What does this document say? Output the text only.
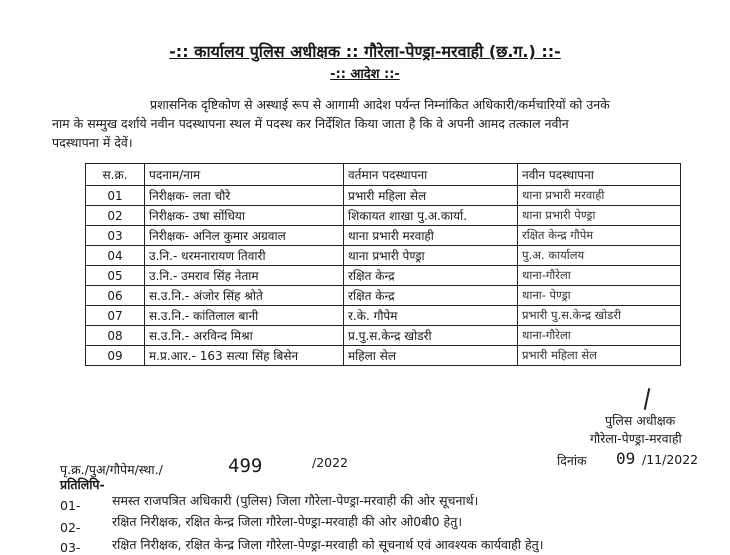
-:: कार्यालय पुलिस अधीक्षक :: गौरेला-पेण्ड्रा-मरवाही (छ.ग.) ::-
-:: आदेश ::-
प्रशासनिक दृष्टिकोण से अस्थाई रूप से आगामी आदेश पर्यन्त निम्नांकित अधिकारी/कर्मचारियों को उनके
नाम के सम्मुख दर्शाये नवीन पदस्थापना स्थल में पदस्थ कर निर्देशित किया जाता है कि वे अपनी आमद तत्काल नवीन
पदस्थापना में देवें।
स.क्र.	पदनाम/नाम	वर्तमान पदस्थापना	नवीन पदस्थापना
01	निरीक्षक- लता चौरे	प्रभारी महिला सेल	थाना प्रभारी मरवाही
02	निरीक्षक- उषा सोंधिया	शिकायत शाखा पु.अ.कार्या.	थाना प्रभारी पेण्ड्रा
03	निरीक्षक- अनिल कुमार अग्रवाल	थाना प्रभारी मरवाही	रक्षित केन्द्र गौपेम
04	उ.नि.- धरमनारायण तिवारी	थाना प्रभारी पेण्ड्रा	पु.अ. कार्यालय
05	उ.नि.- उमराव सिंह नेताम	रक्षित केन्द्र	थाना-गौरेला
06	स.उ.नि.- अंजोर सिंह श्रोते	रक्षित केन्द्र	थाना- पेण्ड्रा
07	स.उ.नि.- कांतिलाल बानी	र.के. गौपेम	प्रभारी पु.स.केन्द्र खोडरी
08	स.उ.नि.- अरविन्द मिश्रा	प्र.पु.स.केन्द्र खोडरी	थाना-गौरेला
09	म.प्र.आर.- 163 सत्या सिंह बिसेन	महिला सेल	प्रभारी महिला सेल
पुलिस अधीक्षक
गौरेला-पेण्ड्रा-मरवाही
पृ.क्र./पुअ/गौपेम/स्था./	499	/2022	दिनांक 09 /11/2022
प्रतिलिपि-
01-	समस्त राजपत्रित अधिकारी (पुलिस) जिला गौरेला-पेण्ड्रा-मरवाही की ओर सूचनार्थ।
02-	रक्षित निरीक्षक, रक्षित केन्द्र जिला गौरेला-पेण्ड्रा-मरवाही की ओर ओ0बी0 हेतु।
03-	रक्षित निरीक्षक, रक्षित केन्द्र जिला गौरेला-पेण्ड्रा-मरवाही को सूचनार्थ एवं आवश्यक कार्यवाही हेतु।
